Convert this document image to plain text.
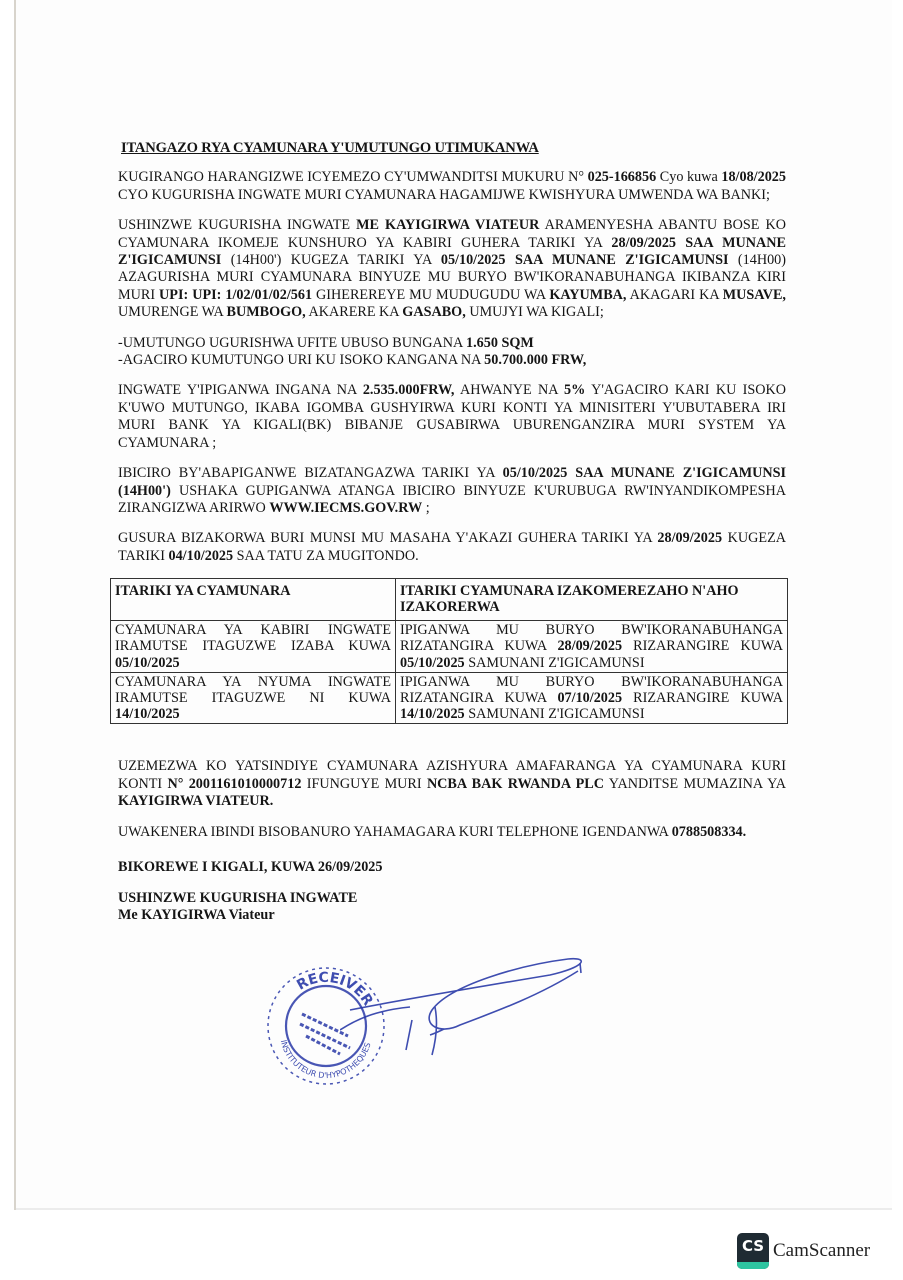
ITANGAZO RYA CYAMUNARA Y'UMUTUNGO UTIMUKANWA

KUGIRANGO HARANGIZWE ICYEMEZO CY'UMWANDITSI MUKURU N° 025-166856 Cyo kuwa 18/08/2025 CYO KUGURISHA INGWATE MURI CYAMUNARA HAGAMIJWE KWISHYURA UMWENDA WA BANKI;

USHINZWE KUGURISHA INGWATE ME KAYIGIRWA VIATEUR ARAMENYESHA ABANTU BOSE KO CYAMUNARA IKOMEJE KUNSHURO YA KABIRI GUHERA TARIKI YA 28/09/2025 SAA MUNANE Z'IGICAMUNSI (14H00') KUGEZA TARIKI YA 05/10/2025 SAA MUNANE Z'IGICAMUNSI (14H00) AZAGURISHA MURI CYAMUNARA BINYUZE MU BURYO BW'IKORANABUHANGA IKIBANZA KIRI MURI UPI: UPI: 1/02/01/02/561 GIHEREREYE MU MUDUGUDU WA KAYUMBA, AKAGARI KA MUSAVE, UMURENGE WA BUMBOGO, AKARERE KA GASABO, UMUJYI WA KIGALI;

-UMUTUNGO UGURISHWA UFITE UBUSO BUNGANA 1.650 SQM

-AGACIRO KUMUTUNGO URI KU ISOKO KANGANA NA 50.700.000 FRW,

INGWATE Y'IPIGANWA INGANA NA 2.535.000FRW, AHWANYE NA 5% Y'AGACIRO KARI KU ISOKO K'UWO MUTUNGO, IKABA IGOMBA GUSHYIRWA KURI KONTI YA MINISITERI Y'UBUTABERA IRI MURI BANK YA KIGALI(BK) BIBANJE GUSABIRWA UBURENGANZIRA MURI SYSTEM YA CYAMUNARA ;

IBICIRO BY'ABAPIGANWE BIZATANGAZWA TARIKI YA 05/10/2025 SAA MUNANE Z'IGICAMUNSI (14H00') USHAKA GUPIGANWA ATANGA IBICIRO BINYUZE K'URUBUGA RW'INYANDIKOMPESHA ZIRANGIZWA ARIRWO WWW.IECMS.GOV.RW ;

GUSURA BIZAKORWA BURI MUNSI MU MASAHA Y'AKAZI GUHERA TARIKI YA 28/09/2025 KUGEZA TARIKI 04/10/2025 SAA TATU ZA MUGITONDO.

ITARIKI YA CYAMUNARA	ITARIKI CYAMUNARA IZAKOMEREZAHO N'AHO IZAKORERWA
CYAMUNARA YA KABIRI INGWATE IRAMUTSE ITAGUZWE IZABA KUWA 05/10/2025	IPIGANWA MU BURYO BW'IKORANABUHANGA RIZATANGIRA KUWA 28/09/2025 RIZARANGIRE KUWA 05/10/2025 SAMUNANI Z'IGICAMUNSI
CYAMUNARA YA NYUMA INGWATE IRAMUTSE ITAGUZWE NI KUWA 14/10/2025	IPIGANWA MU BURYO BW'IKORANABUHANGA RIZATANGIRA KUWA 07/10/2025 RIZARANGIRE KUWA 14/10/2025 SAMUNANI Z'IGICAMUNSI

UZEMEZWA KO YATSINDIYE CYAMUNARA AZISHYURA AMAFARANGA YA CYAMUNARA KURI KONTI N° 2001161010000712 IFUNGUYE MURI NCBA BAK RWANDA PLC YANDITSE MUMAZINA YA KAYIGIRWA VIATEUR.

UWAKENERA IBINDI BISOBANURO YAHAMAGARA KURI TELEPHONE IGENDANWA 0788508334.

BIKOREWE I KIGALI, KUWA 26/09/2025
USHINZWE KUGURISHA INGWATE
Me KAYIGIRWA Viateur
RECEIVER
INSTITUTEUR D'HYPOTHEQUES
CS CamScanner
